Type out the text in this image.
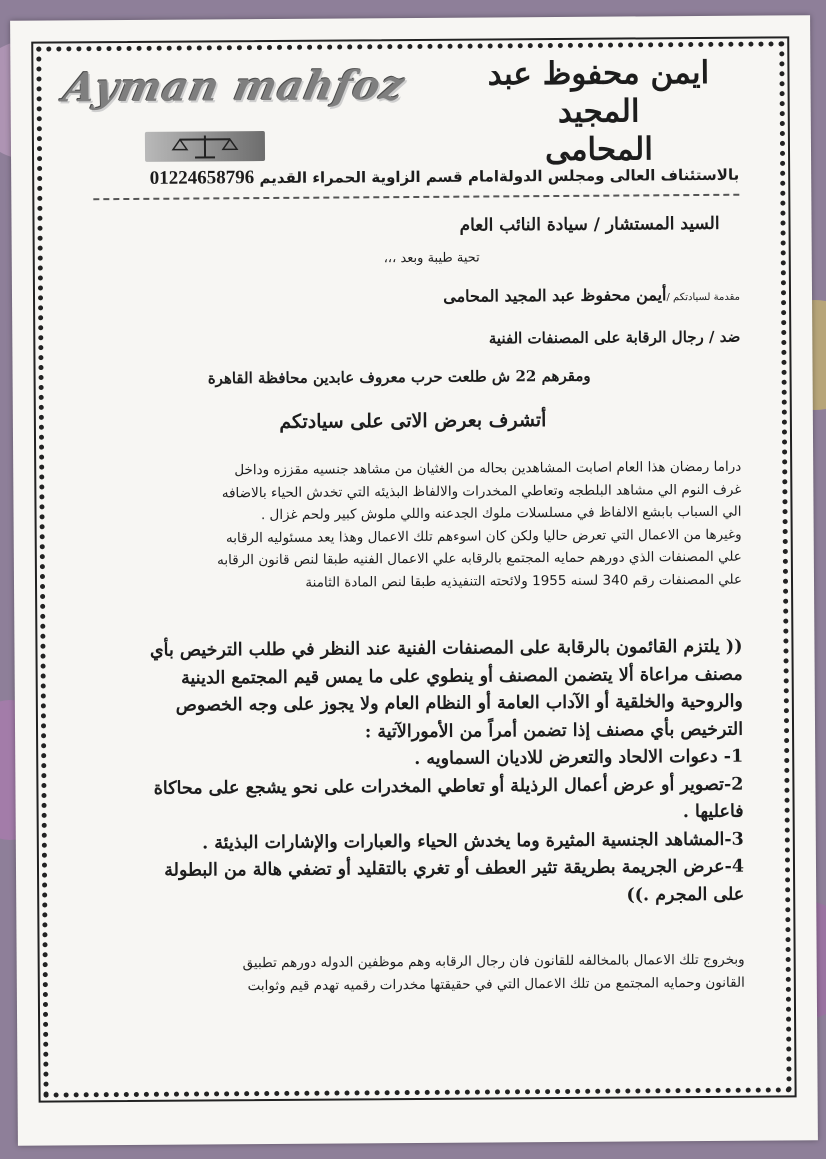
Ayman mahfoz	ايمن محفوظ عبد المجيد
المحامى
بالاستئناف العالى ومجلس الدولةامام قسم الزاوية الحمراء القديم 01224658796
السيد المستشار / سيادة النائب العام
تحية طيبة وبعد ،،،
مقدمة لسيادتكم /أيمن محفوظ عبد المجيد المحامى
ضد / رجال الرقابة على المصنفات الفنية
ومقرهم 22 ش طلعت حرب معروف عابدين محافظة القاهرة
أتشرف بعرض الاتى على سيادتكم
دراما رمضان هذا العام اصابت المشاهدين بحاله من الغثيان من مشاهد جنسيه مقززه وداخل
غرف النوم الي مشاهد البلطجه وتعاطي المخدرات والالفاظ البذيئه التي تخدش الحياء بالاضافه
الي السباب بابشع الالفاظ في مسلسلات ملوك الجدعنه واللي ملوش كبير ولحم غزال .
وغيرها من الاعمال التي تعرض حاليا ولكن كان اسوءهم تلك الاعمال وهذا يعد مسئوليه الرقابه
علي المصنفات الذي دورهم حمايه المجتمع بالرقابه علي الاعمال الفنيه طبقا لنص قانون الرقابه
علي المصنفات رقم 340 لسنه 1955 ولائحته التنفيذيه طبقا لنص المادة الثامنة
(( يلتزم القائمون بالرقابة على المصنفات الفنية عند النظر في طلب الترخيص بأي
مصنف مراعاة ألا يتضمن المصنف أو ينطوي على ما يمس قيم المجتمع الدينية
والروحية والخلقية أو الآداب العامة أو النظام العام ولا يجوز على وجه الخصوص
الترخيص بأي مصنف إذا تضمن أمراً من الأمورالآتية :
1- دعوات الالحاد والتعرض للاديان السماويه .
2-تصوير أو عرض أعمال الرذيلة أو تعاطي المخدرات على نحو يشجع على محاكاة
فاعليها .
3-المشاهد الجنسية المثيرة وما يخدش الحياء والعبارات والإشارات البذيئة .
4-عرض الجريمة بطريقة تثير العطف أو تغري بالتقليد أو تضفي هالة من البطولة
على المجرم .))
وبخروج تلك الاعمال بالمخالفه للقانون فان رجال الرقابه وهم موظفين الدوله دورهم تطبيق
القانون وحمايه المجتمع من تلك الاعمال التي في حقيقتها مخدرات رقميه تهدم قيم وثوابت
